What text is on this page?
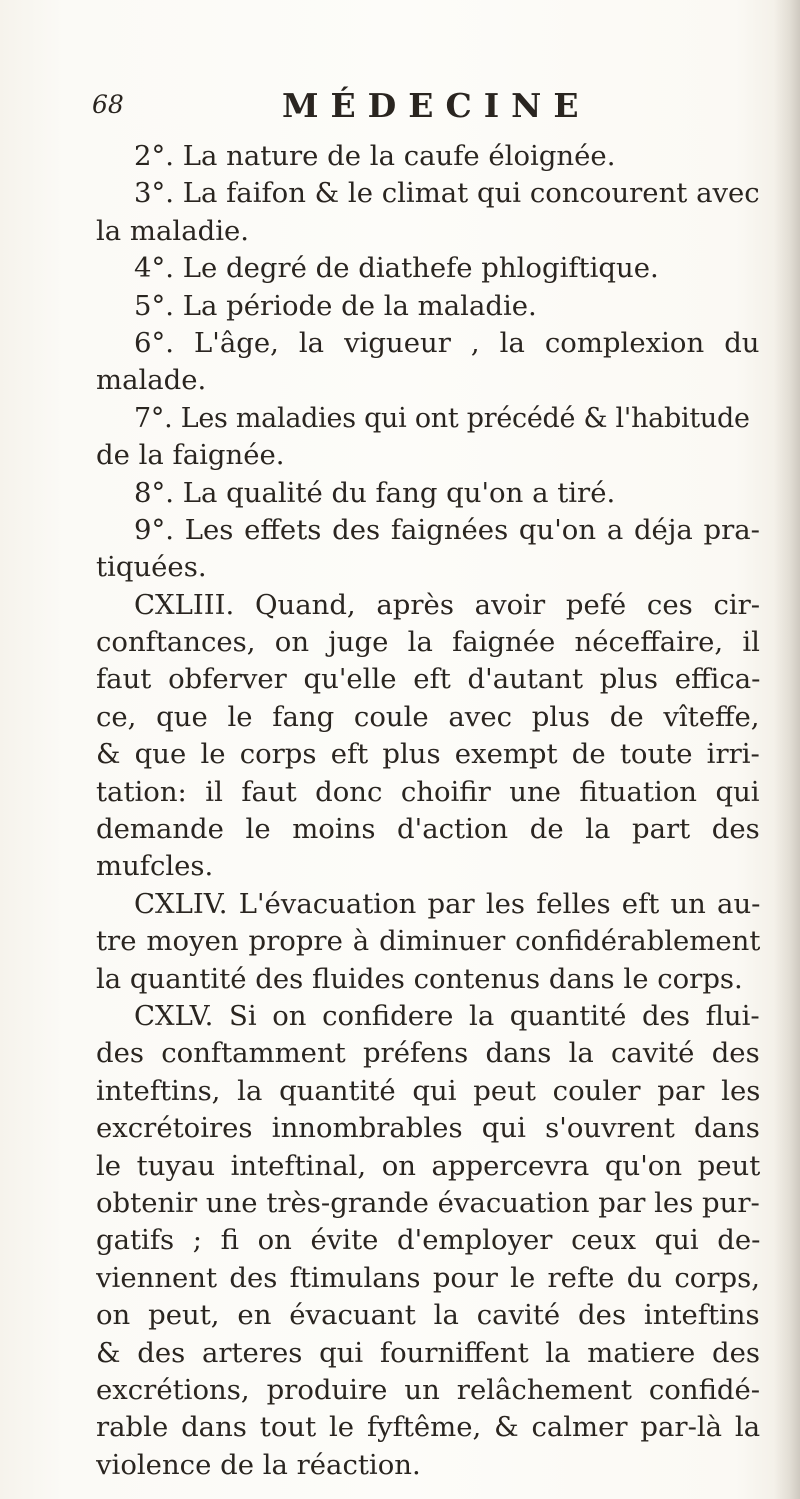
68	MÉDECINE
2°. La nature de la caufe éloignée.
3°. La faifon & le climat qui concourent avec
la maladie.
4°. Le degré de diathefe phlogiftique.
5°. La période de la maladie.
6°. L'âge, la vigueur , la complexion du
malade.
7°. Les maladies qui ont précédé & l'habitude
de la faignée.
8°. La qualité du fang qu'on a tiré.
9°. Les effets des faignées qu'on a déja pra-
tiquées.
CXLIII. Quand, après avoir pefé ces cir-
conftances, on juge la faignée néceffaire, il
faut obferver qu'elle eft d'autant plus effica-
ce, que le fang coule avec plus de vîteffe,
& que le corps eft plus exempt de toute irri-
tation: il faut donc choifir une fituation qui
demande le moins d'action de la part des
mufcles.
CXLIV. L'évacuation par les felles eft un au-
tre moyen propre à diminuer confidérablement
la quantité des fluides contenus dans le corps.
CXLV. Si on confidere la quantité des flui-
des conftamment préfens dans la cavité des
inteftins, la quantité qui peut couler par les
excrétoires innombrables qui s'ouvrent dans
le tuyau inteftinal, on appercevra qu'on peut
obtenir une très-grande évacuation par les pur-
gatifs ; fi on évite d'employer ceux qui de-
viennent des ftimulans pour le refte du corps,
on peut, en évacuant la cavité des inteftins
& des arteres qui fourniffent la matiere des
excrétions, produire un relâchement confidé-
rable dans tout le fyftême, & calmer par-là la
violence de la réaction.
